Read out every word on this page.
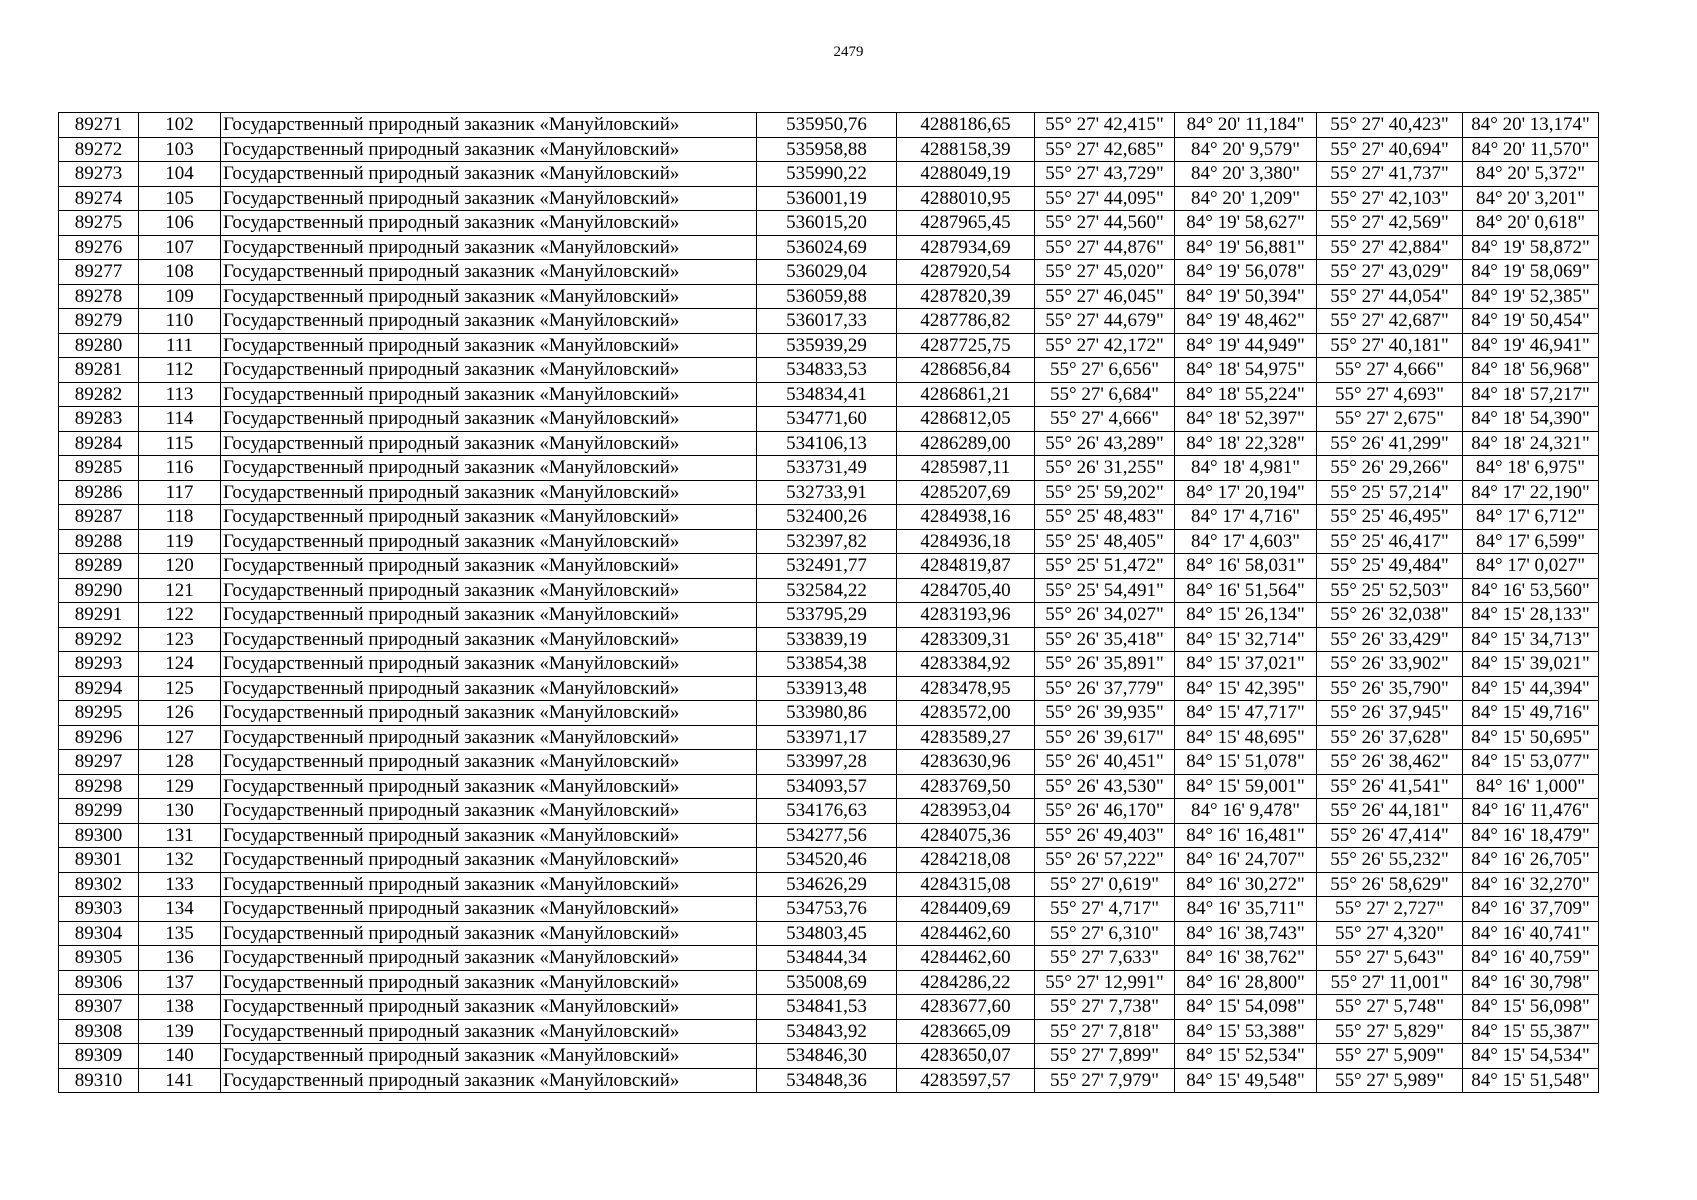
2479
89271	102	Государственный природный заказник «Мануйловский»	535950,76	4288186,65	55° 27' 42,415"	84° 20' 11,184"	55° 27' 40,423"	84° 20' 13,174"
89272	103	Государственный природный заказник «Мануйловский»	535958,88	4288158,39	55° 27' 42,685"	84° 20' 9,579"	55° 27' 40,694"	84° 20' 11,570"
89273	104	Государственный природный заказник «Мануйловский»	535990,22	4288049,19	55° 27' 43,729"	84° 20' 3,380"	55° 27' 41,737"	84° 20' 5,372"
89274	105	Государственный природный заказник «Мануйловский»	536001,19	4288010,95	55° 27' 44,095"	84° 20' 1,209"	55° 27' 42,103"	84° 20' 3,201"
89275	106	Государственный природный заказник «Мануйловский»	536015,20	4287965,45	55° 27' 44,560"	84° 19' 58,627"	55° 27' 42,569"	84° 20' 0,618"
89276	107	Государственный природный заказник «Мануйловский»	536024,69	4287934,69	55° 27' 44,876"	84° 19' 56,881"	55° 27' 42,884"	84° 19' 58,872"
89277	108	Государственный природный заказник «Мануйловский»	536029,04	4287920,54	55° 27' 45,020"	84° 19' 56,078"	55° 27' 43,029"	84° 19' 58,069"
89278	109	Государственный природный заказник «Мануйловский»	536059,88	4287820,39	55° 27' 46,045"	84° 19' 50,394"	55° 27' 44,054"	84° 19' 52,385"
89279	110	Государственный природный заказник «Мануйловский»	536017,33	4287786,82	55° 27' 44,679"	84° 19' 48,462"	55° 27' 42,687"	84° 19' 50,454"
89280	111	Государственный природный заказник «Мануйловский»	535939,29	4287725,75	55° 27' 42,172"	84° 19' 44,949"	55° 27' 40,181"	84° 19' 46,941"
89281	112	Государственный природный заказник «Мануйловский»	534833,53	4286856,84	55° 27' 6,656"	84° 18' 54,975"	55° 27' 4,666"	84° 18' 56,968"
89282	113	Государственный природный заказник «Мануйловский»	534834,41	4286861,21	55° 27' 6,684"	84° 18' 55,224"	55° 27' 4,693"	84° 18' 57,217"
89283	114	Государственный природный заказник «Мануйловский»	534771,60	4286812,05	55° 27' 4,666"	84° 18' 52,397"	55° 27' 2,675"	84° 18' 54,390"
89284	115	Государственный природный заказник «Мануйловский»	534106,13	4286289,00	55° 26' 43,289"	84° 18' 22,328"	55° 26' 41,299"	84° 18' 24,321"
89285	116	Государственный природный заказник «Мануйловский»	533731,49	4285987,11	55° 26' 31,255"	84° 18' 4,981"	55° 26' 29,266"	84° 18' 6,975"
89286	117	Государственный природный заказник «Мануйловский»	532733,91	4285207,69	55° 25' 59,202"	84° 17' 20,194"	55° 25' 57,214"	84° 17' 22,190"
89287	118	Государственный природный заказник «Мануйловский»	532400,26	4284938,16	55° 25' 48,483"	84° 17' 4,716"	55° 25' 46,495"	84° 17' 6,712"
89288	119	Государственный природный заказник «Мануйловский»	532397,82	4284936,18	55° 25' 48,405"	84° 17' 4,603"	55° 25' 46,417"	84° 17' 6,599"
89289	120	Государственный природный заказник «Мануйловский»	532491,77	4284819,87	55° 25' 51,472"	84° 16' 58,031"	55° 25' 49,484"	84° 17' 0,027"
89290	121	Государственный природный заказник «Мануйловский»	532584,22	4284705,40	55° 25' 54,491"	84° 16' 51,564"	55° 25' 52,503"	84° 16' 53,560"
89291	122	Государственный природный заказник «Мануйловский»	533795,29	4283193,96	55° 26' 34,027"	84° 15' 26,134"	55° 26' 32,038"	84° 15' 28,133"
89292	123	Государственный природный заказник «Мануйловский»	533839,19	4283309,31	55° 26' 35,418"	84° 15' 32,714"	55° 26' 33,429"	84° 15' 34,713"
89293	124	Государственный природный заказник «Мануйловский»	533854,38	4283384,92	55° 26' 35,891"	84° 15' 37,021"	55° 26' 33,902"	84° 15' 39,021"
89294	125	Государственный природный заказник «Мануйловский»	533913,48	4283478,95	55° 26' 37,779"	84° 15' 42,395"	55° 26' 35,790"	84° 15' 44,394"
89295	126	Государственный природный заказник «Мануйловский»	533980,86	4283572,00	55° 26' 39,935"	84° 15' 47,717"	55° 26' 37,945"	84° 15' 49,716"
89296	127	Государственный природный заказник «Мануйловский»	533971,17	4283589,27	55° 26' 39,617"	84° 15' 48,695"	55° 26' 37,628"	84° 15' 50,695"
89297	128	Государственный природный заказник «Мануйловский»	533997,28	4283630,96	55° 26' 40,451"	84° 15' 51,078"	55° 26' 38,462"	84° 15' 53,077"
89298	129	Государственный природный заказник «Мануйловский»	534093,57	4283769,50	55° 26' 43,530"	84° 15' 59,001"	55° 26' 41,541"	84° 16' 1,000"
89299	130	Государственный природный заказник «Мануйловский»	534176,63	4283953,04	55° 26' 46,170"	84° 16' 9,478"	55° 26' 44,181"	84° 16' 11,476"
89300	131	Государственный природный заказник «Мануйловский»	534277,56	4284075,36	55° 26' 49,403"	84° 16' 16,481"	55° 26' 47,414"	84° 16' 18,479"
89301	132	Государственный природный заказник «Мануйловский»	534520,46	4284218,08	55° 26' 57,222"	84° 16' 24,707"	55° 26' 55,232"	84° 16' 26,705"
89302	133	Государственный природный заказник «Мануйловский»	534626,29	4284315,08	55° 27' 0,619"	84° 16' 30,272"	55° 26' 58,629"	84° 16' 32,270"
89303	134	Государственный природный заказник «Мануйловский»	534753,76	4284409,69	55° 27' 4,717"	84° 16' 35,711"	55° 27' 2,727"	84° 16' 37,709"
89304	135	Государственный природный заказник «Мануйловский»	534803,45	4284462,60	55° 27' 6,310"	84° 16' 38,743"	55° 27' 4,320"	84° 16' 40,741"
89305	136	Государственный природный заказник «Мануйловский»	534844,34	4284462,60	55° 27' 7,633"	84° 16' 38,762"	55° 27' 5,643"	84° 16' 40,759"
89306	137	Государственный природный заказник «Мануйловский»	535008,69	4284286,22	55° 27' 12,991"	84° 16' 28,800"	55° 27' 11,001"	84° 16' 30,798"
89307	138	Государственный природный заказник «Мануйловский»	534841,53	4283677,60	55° 27' 7,738"	84° 15' 54,098"	55° 27' 5,748"	84° 15' 56,098"
89308	139	Государственный природный заказник «Мануйловский»	534843,92	4283665,09	55° 27' 7,818"	84° 15' 53,388"	55° 27' 5,829"	84° 15' 55,387"
89309	140	Государственный природный заказник «Мануйловский»	534846,30	4283650,07	55° 27' 7,899"	84° 15' 52,534"	55° 27' 5,909"	84° 15' 54,534"
89310	141	Государственный природный заказник «Мануйловский»	534848,36	4283597,57	55° 27' 7,979"	84° 15' 49,548"	55° 27' 5,989"	84° 15' 51,548"
